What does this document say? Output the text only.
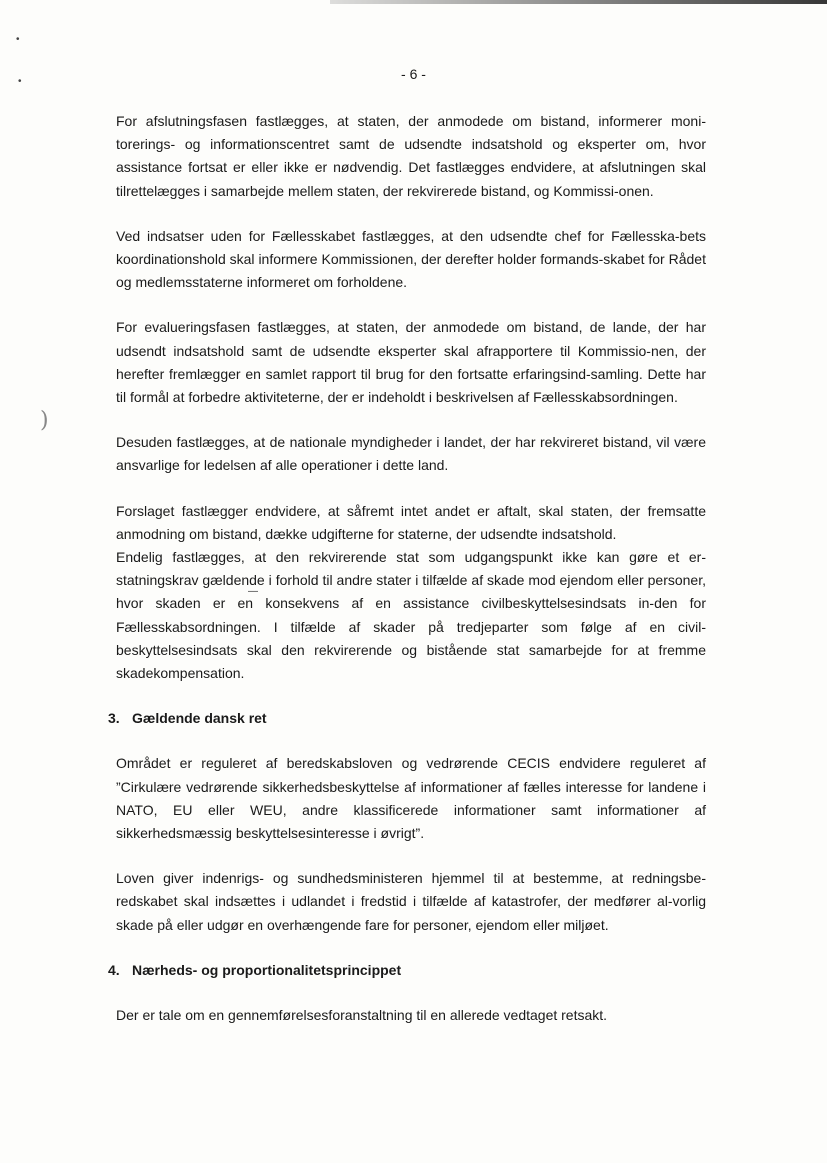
•
•
)
—
- 6 -

For afslutningsfasen fastlægges, at staten, der anmodede om bistand, informerer moni-torerings- og informationscentret samt de udsendte indsatshold og eksperter om, hvor assistance fortsat er eller ikke er nødvendig. Det fastlægges endvidere, at afslutningen skal tilrettelægges i samarbejde mellem staten, der rekvirerede bistand, og Kommissi-onen.

Ved indsatser uden for Fællesskabet fastlægges, at den udsendte chef for Fællesska-bets koordinationshold skal informere Kommissionen, der derefter holder formands-skabet for Rådet og medlemsstaterne informeret om forholdene.

For evalueringsfasen fastlægges, at staten, der anmodede om bistand, de lande, der har udsendt indsatshold samt de udsendte eksperter skal afrapportere til Kommissio-nen, der herefter fremlægger en samlet rapport til brug for den fortsatte erfaringsind-samling. Dette har til formål at forbedre aktiviteterne, der er indeholdt i beskrivelsen af Fællesskabsordningen.

Desuden fastlægges, at de nationale myndigheder i landet, der har rekvireret bistand, vil være ansvarlige for ledelsen af alle operationer i dette land.

Forslaget fastlægger endvidere, at såfremt intet andet er aftalt, skal staten, der fremsatte anmodning om bistand, dække udgifterne for staterne, der udsendte indsatshold.

Endelig fastlægges, at den rekvirerende stat som udgangspunkt ikke kan gøre et er-statningskrav gældende i forhold til andre stater i tilfælde af skade mod ejendom eller personer, hvor skaden er en konsekvens af en assistance civilbeskyttelsesindsats in-den for Fællesskabsordningen. I tilfælde af skader på tredjeparter som følge af en civil-beskyttelsesindsats skal den rekvirerende og bistående stat samarbejde for at fremme skadekompensation.

3. Gældende dansk ret

Området er reguleret af beredskabsloven og vedrørende CECIS endvidere reguleret af ”Cirkulære vedrørende sikkerhedsbeskyttelse af informationer af fælles interesse for landene i NATO, EU eller WEU, andre klassificerede informationer samt informationer af sikkerhedsmæssig beskyttelsesinteresse i øvrigt”.

Loven giver indenrigs- og sundhedsministeren hjemmel til at bestemme, at redningsbe-redskabet skal indsættes i udlandet i fredstid i tilfælde af katastrofer, der medfører al-vorlig skade på eller udgør en overhængende fare for personer, ejendom eller miljøet.

4. Nærheds- og proportionalitetsprincippet

Der er tale om en gennemførelsesforanstaltning til en allerede vedtaget retsakt.
